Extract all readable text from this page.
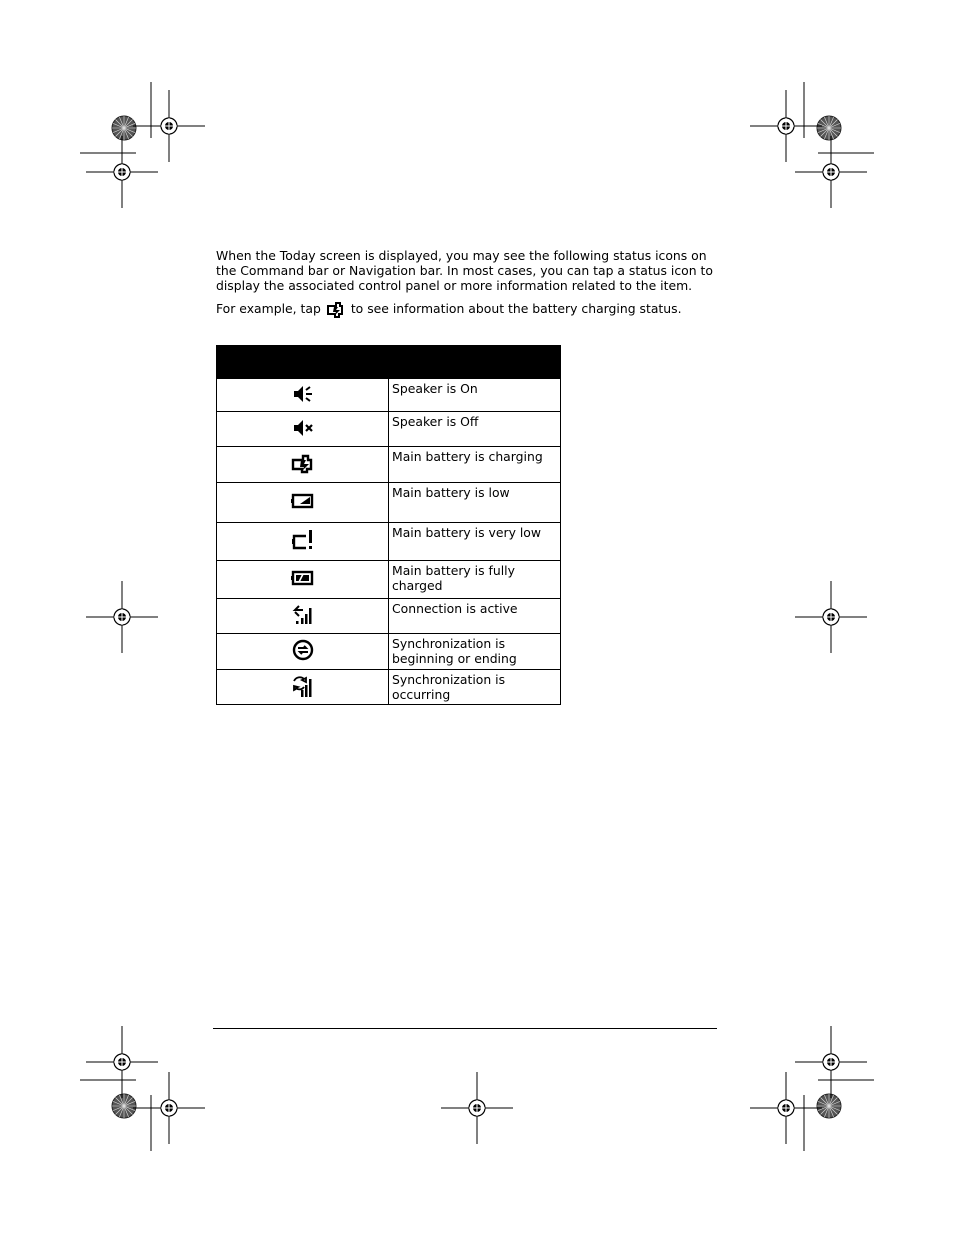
When the Today screen is displayed, you may see the following status icons on the Command bar or Navigation bar. In most cases, you can tap a status icon to display the associated control panel or more information related to the item.

For example, tap to see information about the battery charging status.

	Speaker is On
	Speaker is Off
	Main battery is charging
	Main battery is low
	Main battery is very low
	Main battery is fully charged
	Connection is active
	Synchronization is beginning or ending
	Synchronization is occurring
